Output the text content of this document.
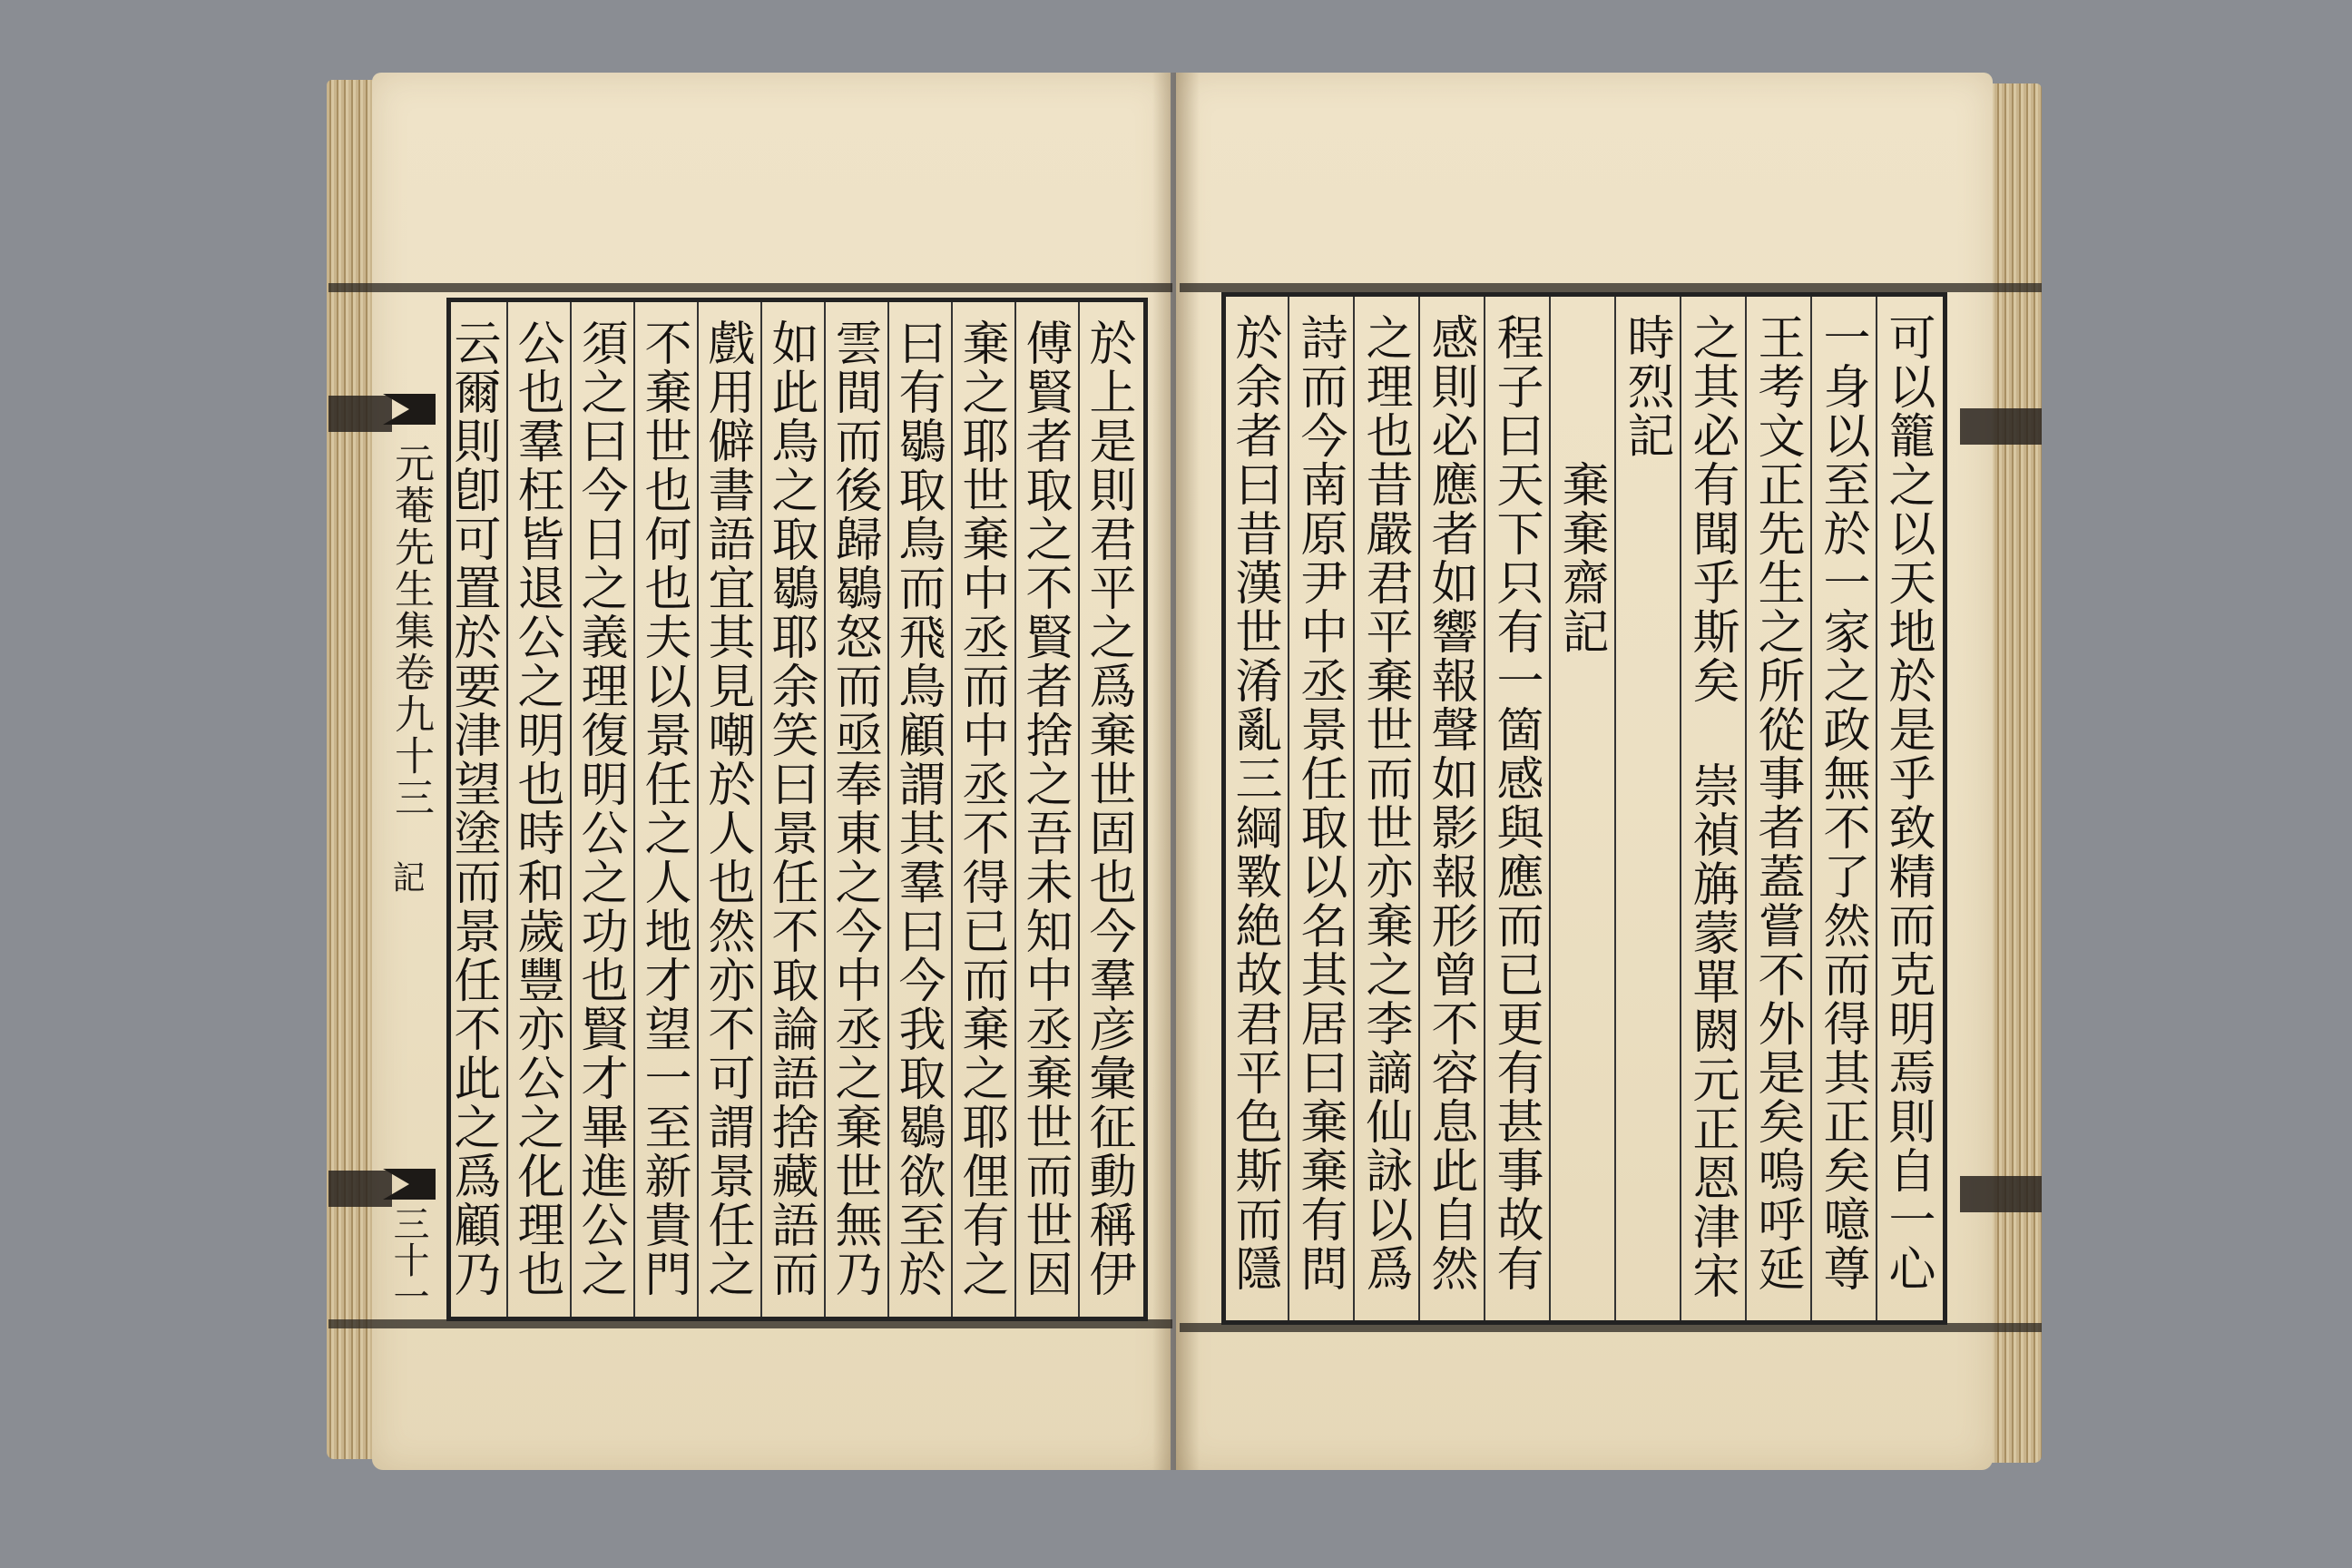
元菴先生集卷九十三
記
三十一	於上是則君平之爲棄世固也今羣彦彙征動稱伊
傅賢者取之不賢者捨之吾未知中丞棄世而世因
棄之耶世棄中丞而中丞不得已而棄之耶俚有之
曰有鶡取鳥而飛鳥顧謂其羣曰今我取鶡欲至於
雲間而後歸鶡怒而亟奉東之今中丞之棄世無乃
如此鳥之取鶡耶余笑曰景任不取論語捨藏語而
戲用僻書語宜其見嘲於人也然亦不可謂景任之
不棄世也何也夫以景任之人地才望一至新貴門
須之曰今日之義理復明公之功也賢才畢進公之
公也羣枉皆退公之明也時和歲豐亦公之化理也
云爾則卽可置於要津望塗而景任不此之爲顧乃	可以籠之以天地於是乎致精而克明焉則自一心
一身以至於一家之政無不了然而得其正矣噫尊
王考文正先生之所從事者蓋嘗不外是矣嗚呼延
之其必有聞乎斯矣 崇禎㫋蒙單閼元正恩津宋
時烈記
　　　棄棄齋記
程子曰天下只有一箇感與應而已更有甚事故有
感則必應者如響報聲如影報形曾不容息此自然
之理也昔嚴君平棄世而世亦棄之李謫仙詠以爲
詩而今南原尹中丞景任取以名其居曰棄棄有問
於余者曰昔漢世淆亂三綱斁絶故君平色斯而隱
